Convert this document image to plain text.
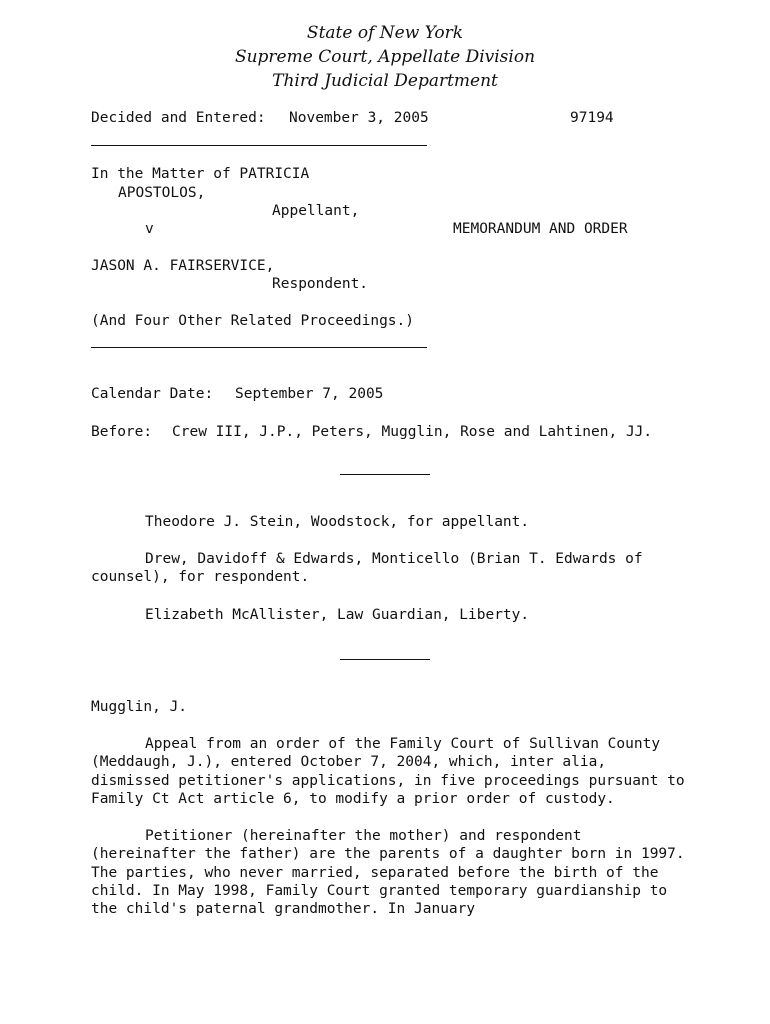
State of New York
Supreme Court, Appellate Division
Third Judicial Department
Decided and Entered: November 3, 2005	97194
In the Matter of PATRICIA
APOSTOLOS,
Appellant,
v	MEMORANDUM AND ORDER
JASON A. FAIRSERVICE,
Respondent.
(And Four Other Related Proceedings.)
Calendar Date: September 7, 2005
Before: Crew III, J.P., Peters, Mugglin, Rose and Lahtinen, JJ.
Theodore J. Stein, Woodstock, for appellant.
Drew, Davidoff & Edwards, Monticello (Brian T. Edwards of counsel), for respondent.
Elizabeth McAllister, Law Guardian, Liberty.
Mugglin, J.
Appeal from an order of the Family Court of Sullivan County (Meddaugh, J.), entered October 7, 2004, which, inter alia, dismissed petitioner's applications, in five proceedings pursuant to Family Ct Act article 6, to modify a prior order of custody.
Petitioner (hereinafter the mother) and respondent (hereinafter the father) are the parents of a daughter born in 1997. The parties, who never married, separated before the birth of the child. In May 1998, Family Court granted temporary guardianship to the child's paternal grandmother. In January
